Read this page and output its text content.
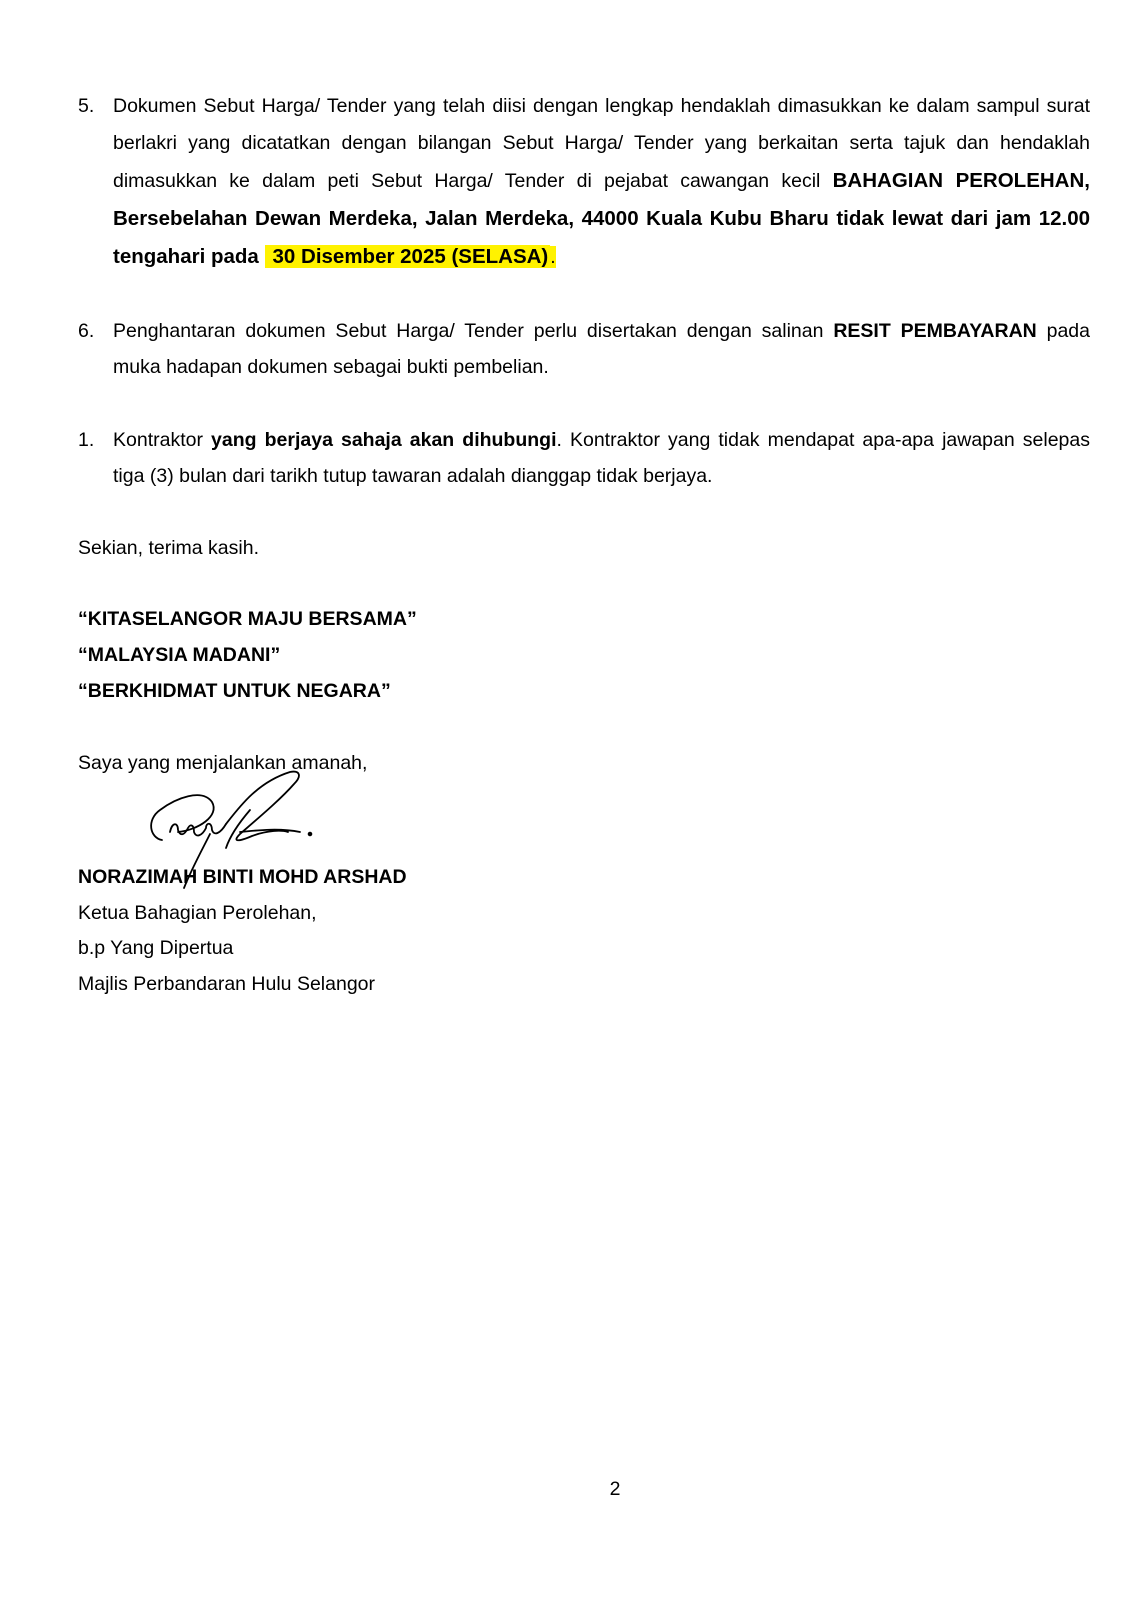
5. Dokumen Sebut Harga/ Tender yang telah diisi dengan lengkap hendaklah dimasukkan ke dalam sampul surat berlakri yang dicatatkan dengan bilangan Sebut Harga/ Tender yang berkaitan serta tajuk dan hendaklah dimasukkan ke dalam peti Sebut Harga/ Tender di pejabat cawangan kecil BAHAGIAN PEROLEHAN, Bersebelahan Dewan Merdeka, Jalan Merdeka, 44000 Kuala Kubu Bharu tidak lewat dari jam 12.00 tengahari pada 30 Disember 2025 (SELASA) .
6. Penghantaran dokumen Sebut Harga/ Tender perlu disertakan dengan salinan RESIT PEMBAYARAN pada muka hadapan dokumen sebagai bukti pembelian.
1. Kontraktor yang berjaya sahaja akan dihubungi. Kontraktor yang tidak mendapat apa-apa jawapan selepas tiga (3) bulan dari tarikh tutup tawaran adalah dianggap tidak berjaya.
Sekian, terima kasih.
“KITASELANGOR MAJU BERSAMA”
“MALAYSIA MADANI”
“BERKHIDMAT UNTUK NEGARA”
Saya yang menjalankan amanah,
NORAZIMAH BINTI MOHD ARSHAD
Ketua Bahagian Perolehan,
b.p Yang Dipertua
Majlis Perbandaran Hulu Selangor
2
